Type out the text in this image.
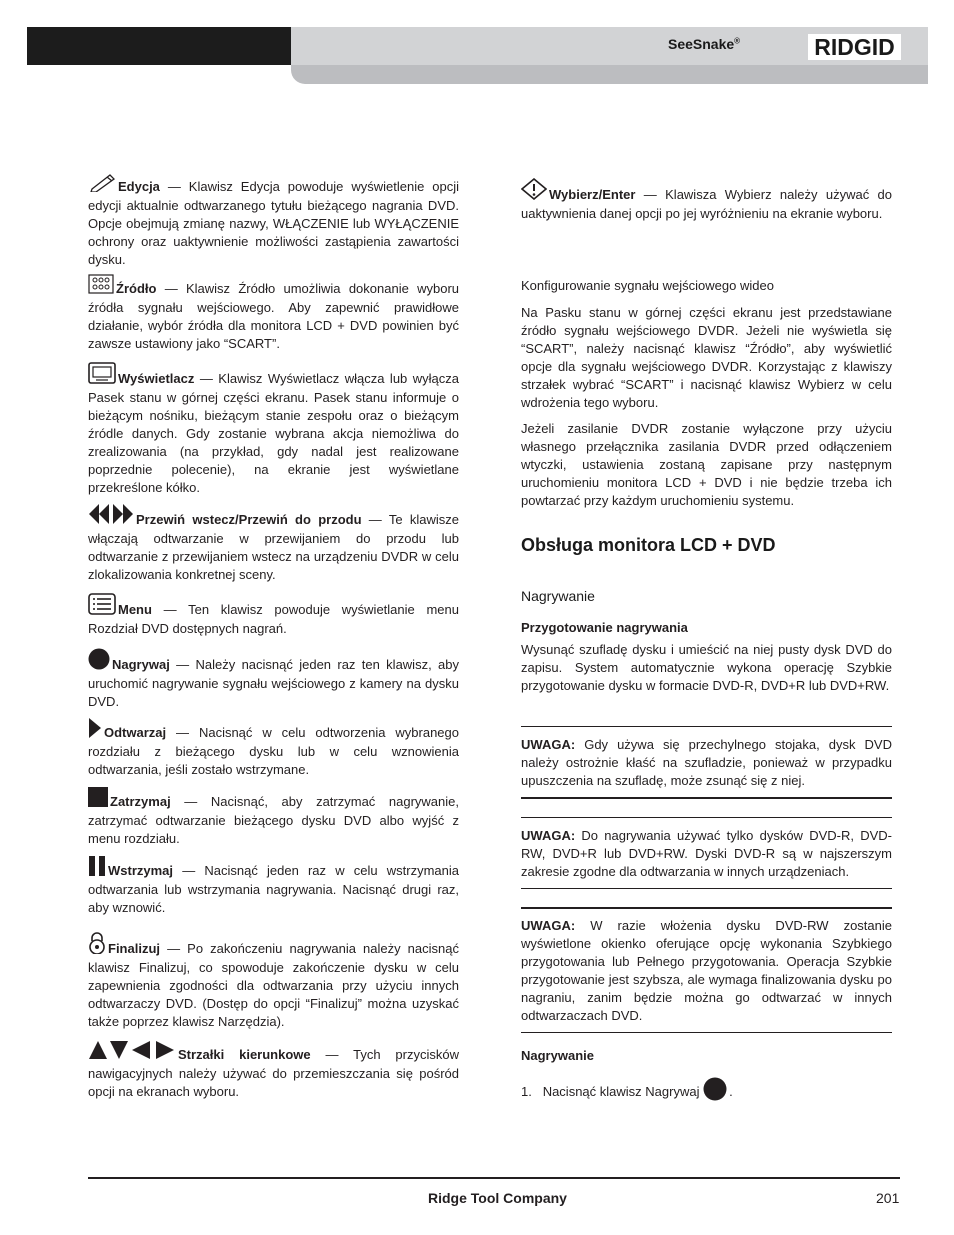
SeeSnake®	RIDGID

Edycja — Klawisz Edycja powoduje wyświetlenie opcji edycji aktualnie odtwarzanego tytułu bieżącego nagrania DVD. Opcje obejmują zmianę nazwy, WŁĄCZENIE lub WYŁĄCZENIE ochrony oraz uaktywnienie możliwości zastąpienia zawartości dysku.

Źródło — Klawisz Źródło umożliwia dokonanie wyboru źródła sygnału wejściowego. Aby zapewnić prawidłowe działanie, wybór źródła dla monitora LCD + DVD powinien być zawsze ustawiony jako “SCART”.

Wyświetlacz — Klawisz Wyświetlacz włącza lub wyłącza Pasek stanu w górnej części ekranu. Pasek stanu informuje o bieżącym nośniku, bieżącym stanie zespołu oraz o bieżącym źródle danych. Gdy zostanie wybrana akcja niemożliwa do zrealizowania (na przykład, gdy nadal jest realizowane poprzednie polecenie), na ekranie jest wyświetlane przekreślone kółko.

Przewiń wstecz/Przewiń do przodu — Te klawisze włączają odtwarzanie w przewijaniem do przodu lub odtwarzanie z przewijaniem wstecz na urządzeniu DVDR w celu zlokalizowania konkretnej sceny.

Menu — Ten klawisz powoduje wyświetlanie menu Rozdział DVD dostępnych nagrań.

Nagrywaj — Należy nacisnąć jeden raz ten klawisz, aby uruchomić nagrywanie sygnału wejściowego z kamery na dysku DVD.

Odtwarzaj — Nacisnąć w celu odtworzenia wybranego rozdziału z bieżącego dysku lub w celu wznowienia odtwarzania, jeśli zostało wstrzymane.

Zatrzymaj — Nacisnąć, aby zatrzymać nagrywanie, zatrzymać odtwarzanie bieżącego dysku DVD albo wyjść z menu rozdziału.

Wstrzymaj — Nacisnąć jeden raz w celu wstrzymania odtwarzania lub wstrzymania nagrywania. Nacisnąć drugi raz, aby wznowić.

Finalizuj — Po zakończeniu nagrywania należy nacisnąć klawisz Finalizuj, co spowoduje zakończenie dysku w celu zapewnienia zgodności dla odtwarzania przy użyciu innych odtwarzaczy DVD. (Dostęp do opcji “Finalizuj” można uzyskać także poprzez klawisz Narzędzia).

Strzałki kierunkowe — Tych przycisków nawigacyjnych należy używać do przemieszczania się pośród opcji na ekranach wyboru.

Wybierz/Enter — Klawisza Wybierz należy używać do uaktywnienia danej opcji po jej wyróżnieniu na ekranie wyboru.

Konfigurowanie sygnału wejściowego wideo

Na Pasku stanu w górnej części ekranu jest przedstawiane źródło sygnału wejściowego DVDR. Jeżeli nie wyświetla się “SCART”, należy nacisnąć klawisz “Źródło”, aby wyświetlić opcje dla sygnału wejściowego DVDR. Korzystając z klawiszy strzałek wybrać “SCART” i nacisnąć klawisz Wybierz w celu wdrożenia tego wyboru.

Jeżeli zasilanie DVDR zostanie wyłączone przy użyciu własnego przełącznika zasilania DVDR przed odłączeniem wtyczki, ustawienia zostaną zapisane przy następnym uruchomieniu monitora LCD + DVD i nie będzie trzeba ich powtarzać przy każdym uruchomieniu systemu.

Obsługa monitora LCD + DVD
Nagrywanie

Przygotowanie nagrywania

Wysunąć szufladę dysku i umieścić na niej pusty dysk DVD do zapisu. System automatycznie wykona operację Szybkie przygotowanie dysku w formacie DVD-R, DVD+R lub DVD+RW.

UWAGA: Gdy używa się przechylnego stojaka, dysk DVD należy ostrożnie kłaść na szufladzie, ponieważ w przypadku upuszczenia na szufladę, może zsunąć się z niej.

UWAGA: Do nagrywania używać tylko dysków DVD-R, DVD-RW, DVD+R lub DVD+RW. Dyski DVD-R są w najszerszym zakresie zgodne dla odtwarzania w innych urządzeniach.

UWAGA: W razie włożenia dysku DVD-RW zostanie wyświetlone okienko oferujące opcję wykonania Szybkiego przygotowania lub Pełnego przygotowania. Operacja Szybkie przygotowanie jest szybsza, ale wymaga finalizowania dysku po nagraniu, zanim będzie można go odtwarzać w innych odtwarzaczach DVD.

Nagrywanie

1. Nacisnąć klawisz Nagrywaj .

Ridge Tool Company	201
